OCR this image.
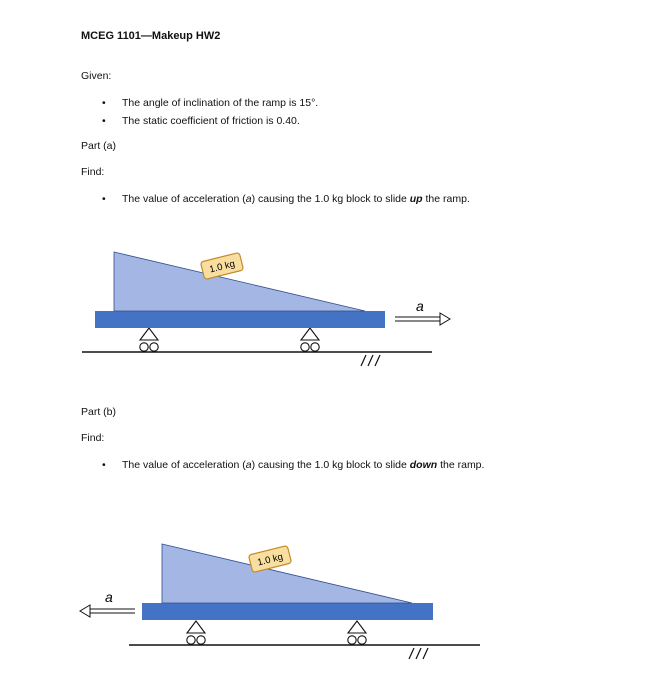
MCEG 1101—Makeup HW2
Given:
• The angle of inclination of the ramp is 15°.
• The static coefficient of friction is 0.40.
Part (a)
Find:
• The value of acceleration (a) causing the 1.0 kg block to slide up the ramp.
Part (b)
Find:
• The value of acceleration (a) causing the 1.0 kg block to slide down the ramp.
1.0 kg
a
1.0 kg
a
